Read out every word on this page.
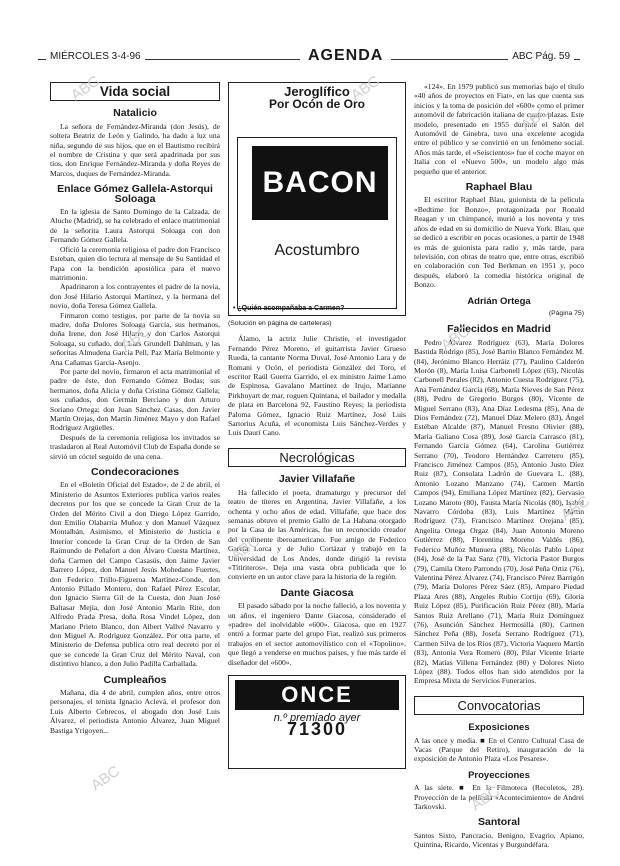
MIÉRCOLES 3-4-96	AGENDA	ABC Pág. 59
Vida social
Natalicio

La señora de Fernández-Miranda (don Jesús), de soltera Beatriz de León y Galindo, ha dado a luz una niña, segundo de sus hijos, que en el Bautismo recibirá el nombre de Cristina y que será apadrinada por sus tíos, don Enrique Fernández-Miranda y doña Reyes de Marcos, duques de Fernández-Miranda.

Enlace Gómez Gallela-Astorqui Soloaga

En la iglesia de Santo Domingo de la Calzada, de Aluche (Madrid), se ha celebrado el enlace matrimonial de la señorita Laura Astorqui Soloaga con don Fernando Gómez Gallela.

Ofició la ceremonia religiosa el padre don Francisco Esteban, quien dio lectura al mensaje de Su Santidad el Papa con la bendición apostólica para el nuevo matrimonio.

Apadrinaron a los contrayentes el padre de la novia, don José Hilario Astorqui Martínez, y la hermana del novio, doña Teresa Gómez Gallela.

Firmaron como testigos, por parte de la novia su madre, doña Dolores Soloaga García, sus hermanos, doña Irene, don José Hilario y don Carlos Astorqui Soloaga, su cuñado, don Lars Grundell Dahlman, y las señoritas Almudena García Pell, Paz María Belmonte y Ana Cañamas García-Asenjo.

Por parte del novio, firmaron el acta matrimonial el padre de éste, don Fernando Gómez Bodas; sus hermanos, doña Alicia y doña Cristina Gómez Gallela; sus cuñados, don Germán Berciano y don Arturo Soriano Ortega; don Juan Sánchez Casas, don Javier Martín Orejas, don Martín Jiménez Mayo y don Rafael Rodríguez Argüelles.

Después de la ceremonia religiosa los invitados se trasladaron al Real Automóvil Club de España donde se sirvió un cóctel seguido de una cena.

Condecoraciones

En el «Boletín Oficial del Estado», de 2 de abril, el Ministerio de Asuntos Exteriores publica varios reales decretos por los que se concede la Gran Cruz de la Orden del Mérito Civil a don Diego López Garrido, don Emilio Olabarría Muñoz y don Manuel Vázquez Montalbán. Asimismo, el Ministerio de Justicia e Interior concede la Gran Cruz de la Orden de San Raimundo de Peñafort a don Álvaro Cuesta Martínez, doña Carmen del Campo Casasús, don Jaime Javier Barrero López, don Manuel Jesús Mohedano Fuertes, don Federico Trillo-Figueroa Martínez-Conde, don Antonio Pillado Montero, don Rafael Pérez Escolar, don Ignacio Sierra Gil de la Cuesta, don Juan José Baltasar Mejía, don José Antonio Marín Rite, don Alfredo Prada Presa, doña Rosa Vindel López, don Mariano Prieto Blanco, don Albert Vallvé Navarro y don Miguel A. Rodríguez González. Por otra parte, el Ministerio de Defensa publica otro real decreto por el que se concede la Gran Cruz del Mérito Naval, con distintivo blanco, a don Julio Padilla Carballada.

Cumpleaños

Mañana, día 4 de abril, cumplen años, entre otros personajes, el tenista Ignacio Aclevá, el profesor don Luis Alberto Cebrecos, el abogado don José Luis Álvarez, el periodista Antonio Álvarez, Juan Miguel Bastiga Yrigoyen...

Jeroglífico
Por Ocón de Oro
BACON
Acostumbro
• ¿Quién acompañaba a Carmen?
(Solución en página de carteleras)

Álamo, la actriz Julie Christie, el investigador Fernando Pérez Moreno, el guitarrista Javier Grueso Rueda, la cantante Norma Duval, José Antonio Lara y de Romani y Ocón, el periodista González del Toro, el escritor Raúl Guerra Garrido, el ex ministro Jaime Lamo de Espinosa, Gavalano Martínez de Irujo, Marianne Pirkhuyart de mar, roguen Quintana, el bailador y medalla de plata en Barcelona 92, Faustino Reyes; la periodista Paloma Gómez, Ignacio Ruiz Martínez, José Luis Sartorius Acuña, el economista Luis Sánchez-Verdes y Luis Daurí Cano.

Necrológicas
Javier Villafañe

Ha fallecido el poeta, dramaturgo y precursor del teatro de títeres en Argentina, Javier Villafañe, a los ochenta y ocho años de edad. Villafañe, que hace dos semanas obtuvo el premio Gallo de La Habana otorgado por la Casa de las Américas, fue un reconocido creador del continente iberoamericano. Fue amigo de Federico García Lorca y de Julio Cortázar y trabajó en la Universidad de Los Andes, donde dirigió la revista «Titiriteros». Deja una vasta obra publicada que lo convierte en un autor clave para la historia de la región.

Dante Giacosa

El pasado sábado por la noche falleció, a los noventa y un años, el ingeniero Dante Giacosa, considerado el «padre» del inolvidable «600». Giacosa, que en 1927 entró a formar parte del grupo Fiat, realizó sus primeros trabajos en el sector automovilístico con el «Topolino», que llegó a venderse en muchos países, y fue más tarde el diseñador del «600».

ONCE
n.º premiado ayer
71300

«124». En 1979 publicó sus memorias bajo el título «40 años de proyectos en Fiat», en las que cuenta sus inicios y la toma de posición del «600» como el primer automóvil de fabricación italiana de cuatro plazas. Este modelo, presentado en 1955 durante el Salón del Automóvil de Ginebra, tuvo una excelente acogida entre el público y se convirtió en un fenómeno social. Años más tarde, el «Seiscientos» fue el coche mayor en Italia con el «Nuevo 500», un modelo algo más pequeño que el anterior.

Raphael Blau

El escritor Raphael Blau, guionista de la película «Bedtime for Bonzo», protagonizada por Ronald Reagan y un chimpancé, murió a los noventa y tres años de edad en su domicilio de Nueva York. Blau, que se dedicó a escribir en pocas ocasiones, a partir de 1948 es más de guionista para radio y, más tarde, para televisión, con obras de teatro que, entre otras, escribió en colaboración con Ted Berkman en 1951 y, poco después, elaboró la comedia histórica original de Bonzo.

Adrián Ortega
(Página 75)
Fallecidos en Madrid

Pedro Álvarez Rodríguez (63), María Dolores Bastida Rodrigo (85), José Barrio Blanco Fernández M. (84), Jerónimo Blanco Herráiz (77), Paulino Calderón Morón (8), María Luisa Carbonell López (63), Nicolás Carbonell Perales (82), Antonio Cuesta Rodríguez (75), Ana Fernández García (68), María Nieves de San Pérez (88), Pedro de Gregorio Burgos (80), Vicente de Miguel Serrano (83), Ana Díaz Ledesma (85), Ana de Dios Fernández (72), Manuel Díaz Melero (83), Ángel Estéban Alcalde (87), Manuel Fresno Olivier (88), María Galiano Cosa (89), José García Carrasco (81), Fernando García Gómez (64), Carolina Gutiérrez Serrano (70), Teodoro Hernández Carretero (85), Francisco Jiménez Campos (85), Antonio Justo Díez Ruiz (87), Consolata Ladrón de Guevara L. (88), Antonio Lozano Manzano (74), Carmen Martín Campos (94), Emiliana López Martínez (82), Gervasio Lozano Maroto (80), Fausta María Nicolás (80), Isabel Navarro Córdoba (83), Luis Martínez Martín Rodríguez (73), Francisco Martínez Orejana (85), Angelita Ortega Orgaz (84), Juan Antonio Moreno Gutiérrez (88), Florentina Moreno Valdés (86), Federico Muñoz Munuera (88), Nicolás Pablo López (84), José de la Paz Sanz (70), Victoria Pastor Burgos (79), Camila Otero Parrondo (70), José Peña Ortiz (76), Valentina Pérez Álvarez (74), Francisco Pérez Barrigón (79), María Dolores Pérez Sáez (85), Amparo Piedad Plaza Ares (88), Angeles Rubio Cortijo (69), Gloria Ruiz López (85), Purificación Ruiz Pérez (80), María Santos Ruiz Arellano (71), María Ruiz Domínguez (76), Asunción Sánchez Hermosilla (80), Carmen Sánchez Peña (88), Josefa Serrano Rodríguez (71), Carmen Silva de los Ríos (87), Victoria Vaquero Martín (83), Antonia Vera Romero (80), Pilar Vicente Iriarte (82), Matías Villena Fernández (80) y Dolores Nieto López (88). Todos ellos han sido atendidos por la Empresa Mixta de Servicios Funerarios.

Convocatorias
Exposiciones

A las once y media. ■ En el Centro Cultural Casa de Vacas (Parque del Retiro), inauguración de la exposición de Antonio Plaza «Los Pesares».

Proyecciones

A las siete. ■ En la Filmoteca (Recoletos, 28). Proyección de la película «Acontecimiento» de Andrei Tarkovski.

Santoral

Santos Sixto, Pancracio, Benigno, Evagrio, Apiano, Quintina, Ricardo, Vicentas y Burgundéfara.

ABC	ABC
ABC
ABC	ABC
ABC
ABC
ABC
ABC
